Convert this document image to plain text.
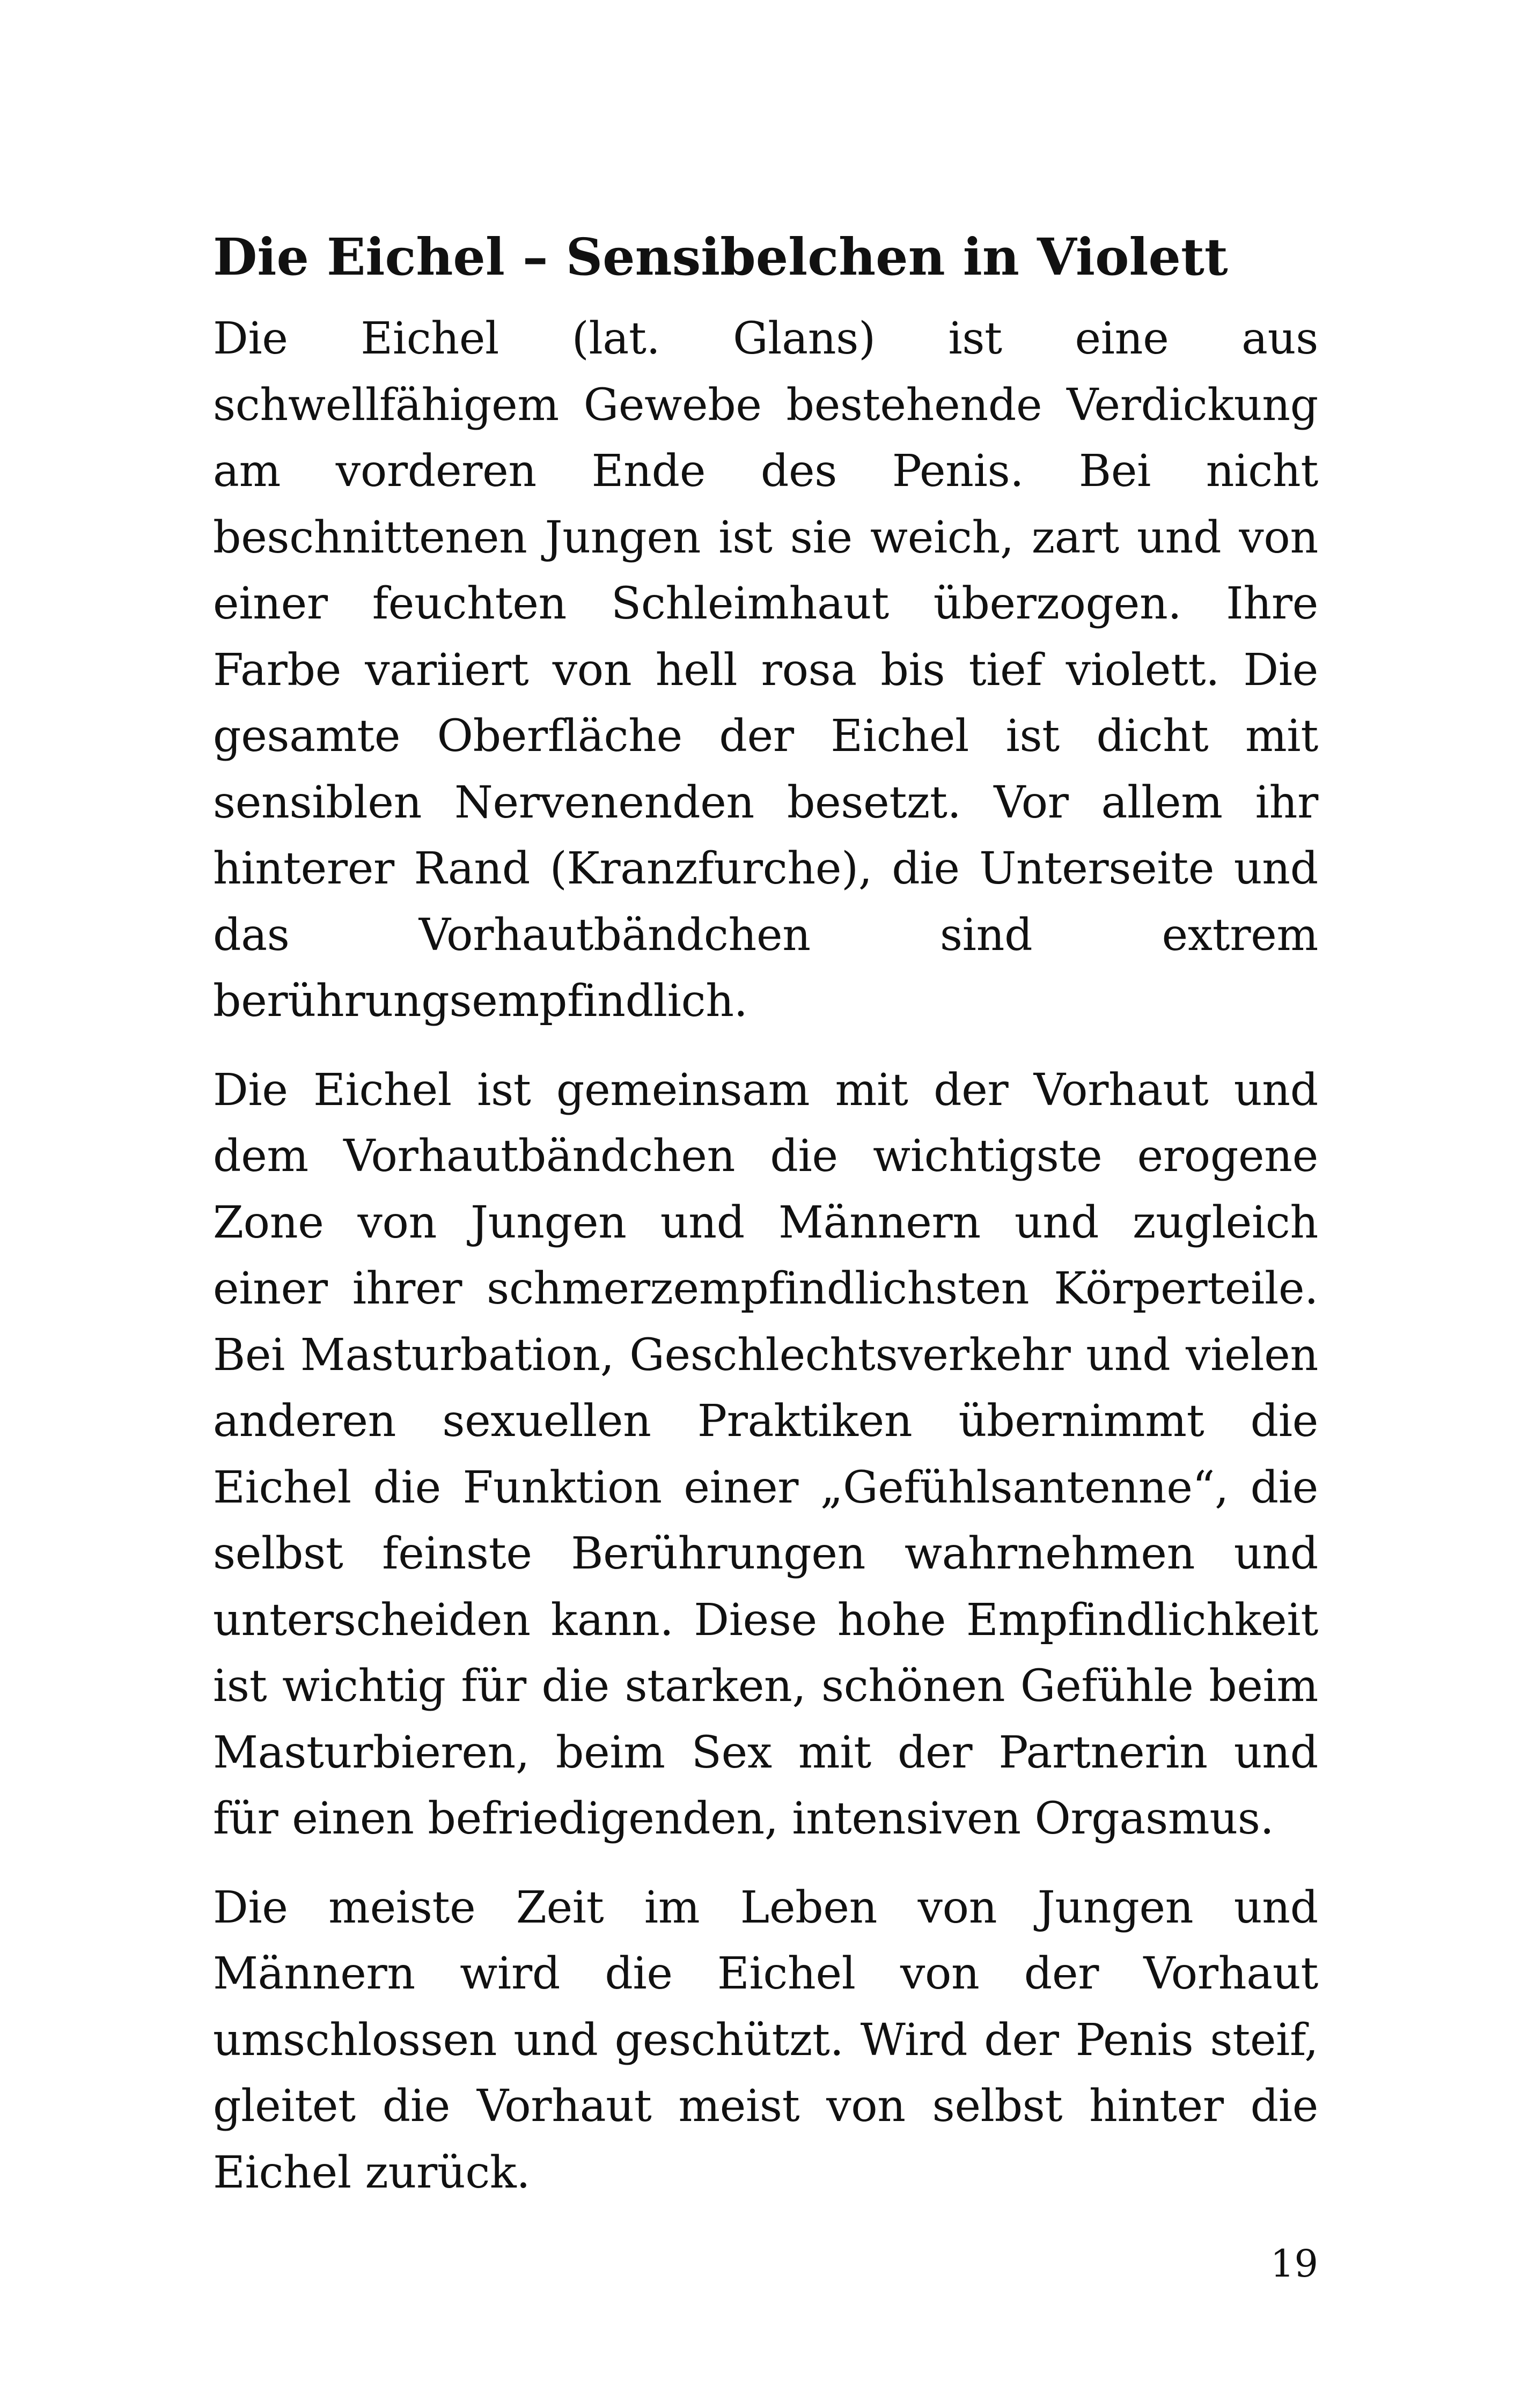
Die Eichel – Sensibelchen in Violett

Die Eichel (lat. Glans) ist eine aus schwellfähigem Gewebe bestehende Verdickung am vorderen Ende des Penis. Bei nicht beschnittenen Jungen ist sie weich, zart und von einer feuchten Schleimhaut überzogen. Ihre Farbe variiert von hell rosa bis tief violett. Die gesamte Oberfläche der Eichel ist dicht mit sensiblen Nervenenden besetzt. Vor allem ihr hinterer Rand (Kranzfurche), die Unterseite und das Vorhautbändchen sind extrem berührungsempfindlich.

Die Eichel ist gemeinsam mit der Vorhaut und dem Vorhautbändchen die wichtigste erogene Zone von Jungen und Männern und zugleich einer ihrer schmerzempfindlichsten Körperteile. Bei Masturbation, Geschlechtsverkehr und vielen anderen sexuellen Praktiken übernimmt die Eichel die Funktion einer „Gefühlsantenne“, die selbst feinste Berührungen wahrnehmen und unterscheiden kann. Diese hohe Empfindlichkeit ist wichtig für die starken, schönen Gefühle beim Masturbieren, beim Sex mit der Partnerin und für einen befriedigenden, intensiven Orgasmus.

Die meiste Zeit im Leben von Jungen und Männern wird die Eichel von der Vorhaut umschlossen und geschützt. Wird der Penis steif, gleitet die Vorhaut meist von selbst hinter die Eichel zurück.

19
